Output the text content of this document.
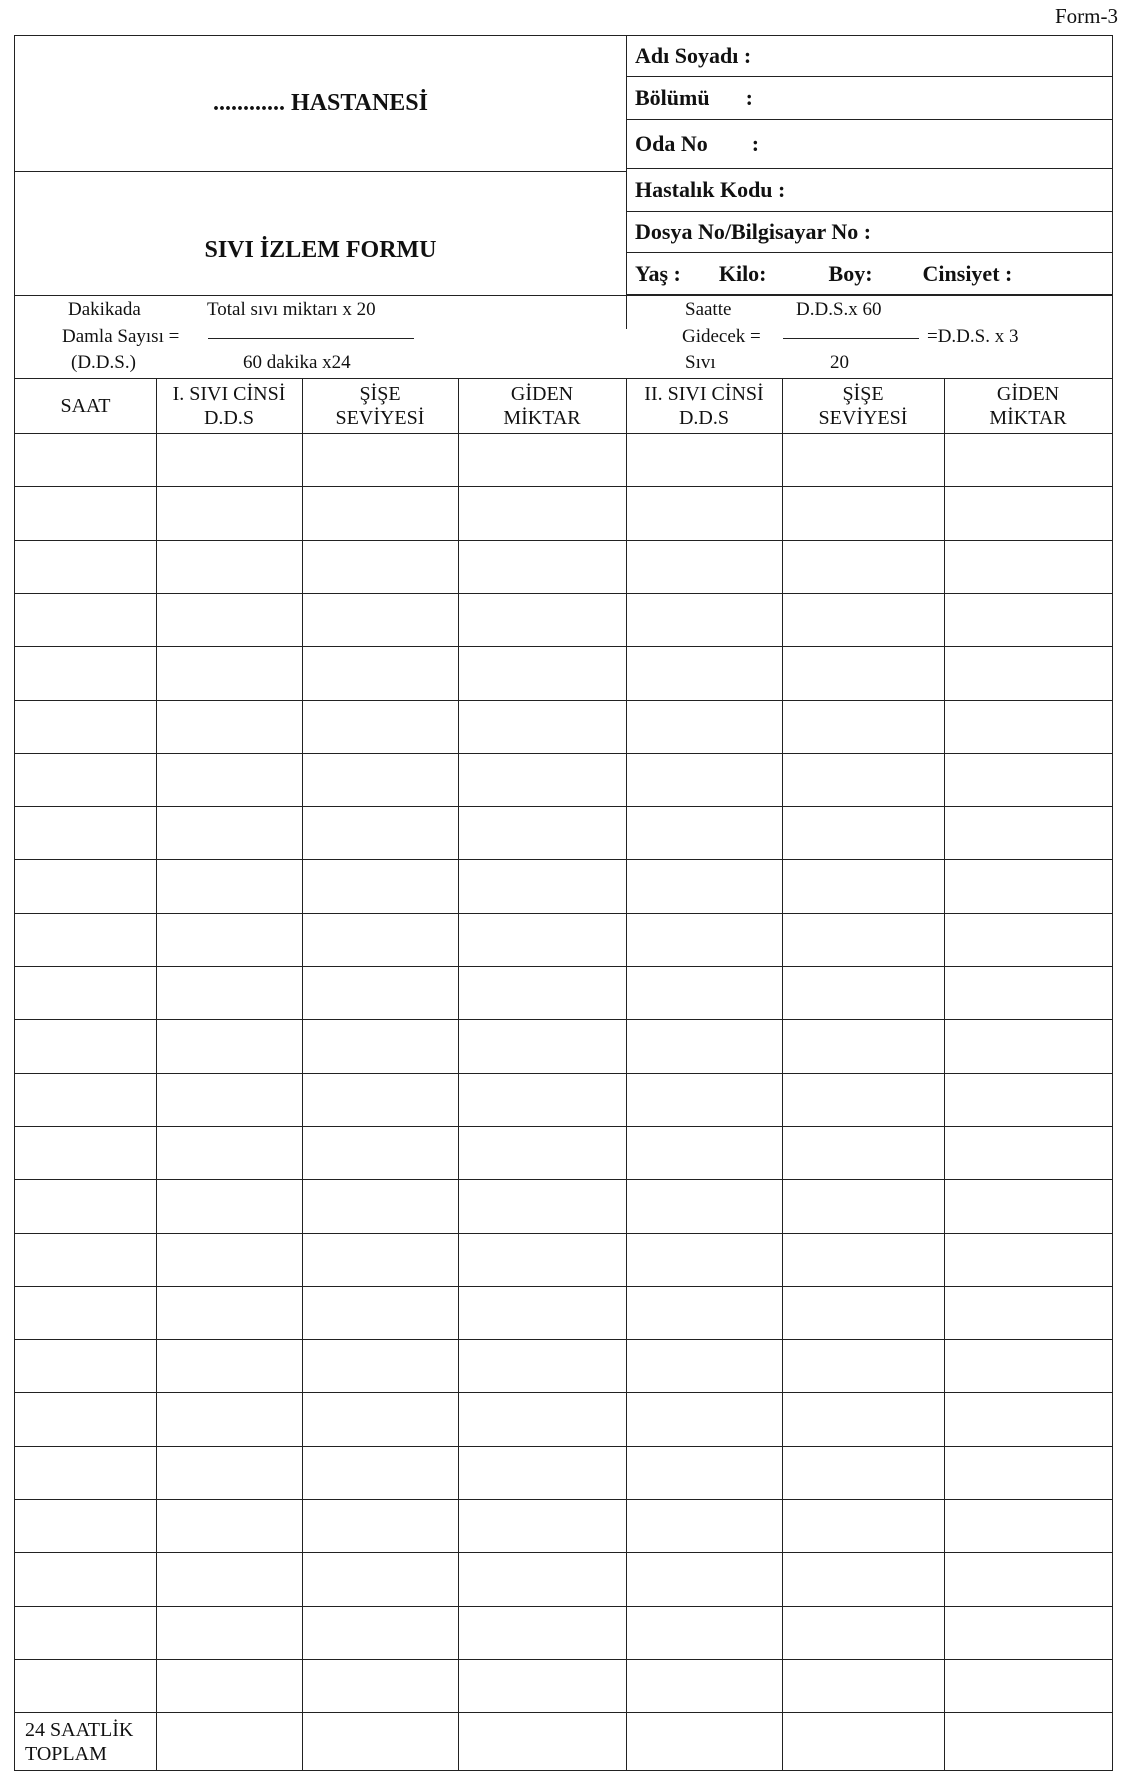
Form-3
............ HASTANESİ
SIVI İZLEM FORMU
Adı Soyadı :
Bölümü :
Oda No :
Hastalık Kodu :
Dosya No/Bilgisayar No :
Yaş : Kilo:	Boy: Cinsiyet :
Dakikada
Damla Sayısı =
(D.D.S.)
Total sıvı miktarı x 20
60 dakika x24
Saatte
Gidecek =
Sıvı
D.D.S.x 60
20
=D.D.S. x 3
SAAT
I. SIVI CİNSİ
D.D.S
ŞİŞE
SEVİYESİ
GİDEN
MİKTAR
II. SIVI CİNSİ
D.D.S
ŞİŞE
SEVİYESİ
GİDEN
MİKTAR
24 SAATLİK
TOPLAM
